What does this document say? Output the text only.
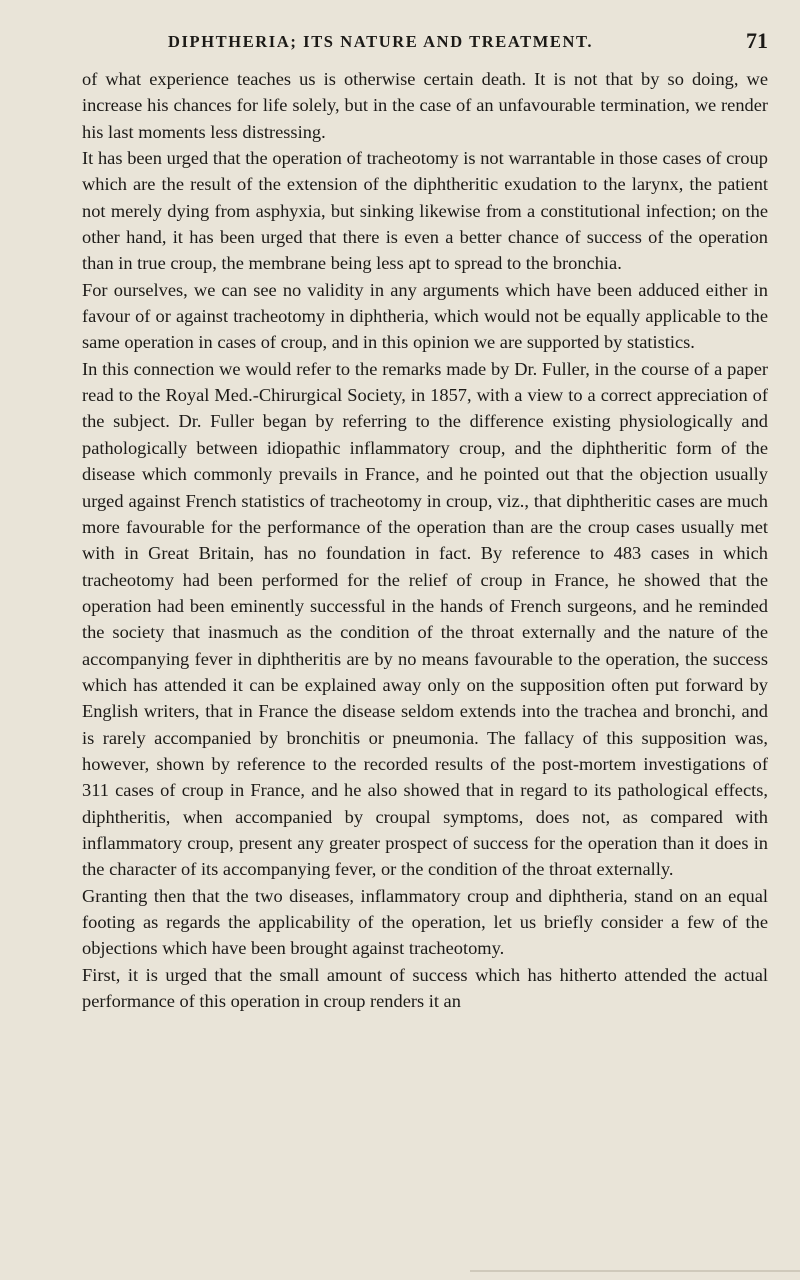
DIPHTHERIA; ITS NATURE AND TREATMENT.	71

of what experience teaches us is otherwise certain death. It is not that by so doing, we increase his chances for life solely, but in the case of an unfavourable termination, we render his last moments less distressing.

It has been urged that the operation of tracheotomy is not warrantable in those cases of croup which are the result of the extension of the diphtheritic exudation to the larynx, the patient not merely dying from asphyxia, but sinking likewise from a constitutional infection; on the other hand, it has been urged that there is even a better chance of success of the operation than in true croup, the membrane being less apt to spread to the bronchia.

For ourselves, we can see no validity in any arguments which have been adduced either in favour of or against tracheotomy in diphtheria, which would not be equally applicable to the same operation in cases of croup, and in this opinion we are supported by statistics.

In this connection we would refer to the remarks made by Dr. Fuller, in the course of a paper read to the Royal Med.-Chirurgical Society, in 1857, with a view to a correct appreciation of the subject. Dr. Fuller began by referring to the difference existing physiologically and pathologically between idiopathic inflammatory croup, and the diphtheritic form of the disease which commonly prevails in France, and he pointed out that the objection usually urged against French statistics of tracheotomy in croup, viz., that diphtheritic cases are much more favourable for the performance of the operation than are the croup cases usually met with in Great Britain, has no foundation in fact. By reference to 483 cases in which tracheotomy had been performed for the relief of croup in France, he showed that the operation had been eminently successful in the hands of French surgeons, and he reminded the society that inasmuch as the condition of the throat externally and the nature of the accompanying fever in diphtheritis are by no means favourable to the operation, the success which has attended it can be explained away only on the supposition often put forward by English writers, that in France the disease seldom extends into the trachea and bronchi, and is rarely accompanied by bronchitis or pneumonia. The fallacy of this supposition was, however, shown by reference to the recorded results of the post-mortem investigations of 311 cases of croup in France, and he also showed that in regard to its pathological effects, diphtheritis, when accompanied by croupal symptoms, does not, as compared with inflammatory croup, present any greater prospect of success for the operation than it does in the character of its accompanying fever, or the condition of the throat externally.

Granting then that the two diseases, inflammatory croup and diphtheria, stand on an equal footing as regards the applicability of the operation, let us briefly consider a few of the objections which have been brought against tracheotomy.

First, it is urged that the small amount of success which has hitherto attended the actual performance of this operation in croup renders it an
